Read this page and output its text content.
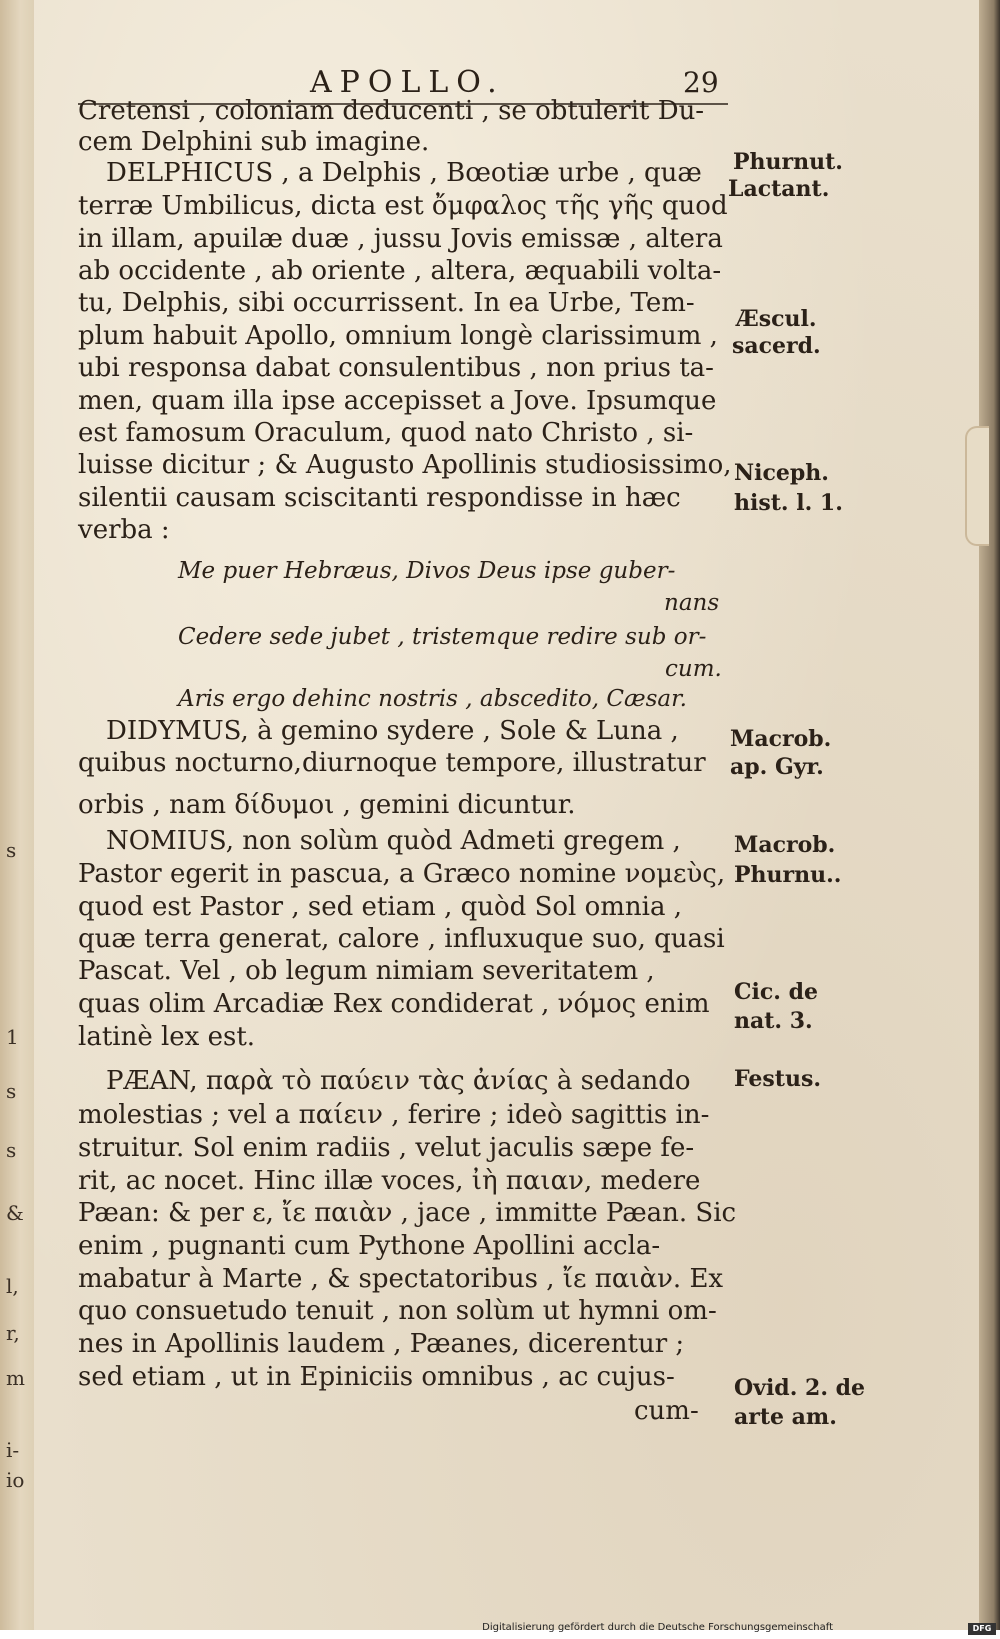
APOLLO.	29
Cretensi , coloniam deducenti , se obtulerit Du-
cem Delphini sub imagine.
DELPHICUS , a Delphis , Bœotiæ urbe , quæ
terræ Umbilicus, dicta est ὄμφαλος τῆς γῆς quod
in illam, apuilæ duæ , jussu Jovis emissæ , altera
ab occidente , ab oriente , altera, æquabili volta-
tu, Delphis, sibi occurrissent. In ea Urbe, Tem-
plum habuit Apollo, omnium longè clarissimum ,
ubi responsa dabat consulentibus , non prius ta-
men, quam illa ipse accepisset a Jove. Ipsumque
est famosum Oraculum, quod nato Christo , si-
luisse dicitur ; & Augusto Apollinis studiosissimo,
silentii causam sciscitanti respondisse in hæc
verba :
Me puer Hebræus, Divos Deus ipse guber-
nans
Cedere sede jubet , tristemque redire sub or-
cum.
Aris ergo dehinc nostris , abscedito, Cæsar.
DIDYMUS, à gemino sydere , Sole & Luna ,
quibus nocturno,diurnoque tempore, illustratur
orbis , nam δίδυμοι , gemini dicuntur.
NOMIUS, non solùm quòd Admeti gregem ,
Pastor egerit in pascua, a Græco nomine νομεὺς,
quod est Pastor , sed etiam , quòd Sol omnia ,
quæ terra generat, calore , influxuque suo, quasi
Pascat. Vel , ob legum nimiam severitatem ,
quas olim Arcadiæ Rex condiderat , νόμος enim
latinè lex est.
PÆAN, παρὰ τὸ παύειν τὰς ἀνίας à sedando
molestias ; vel a παίειν , ferire ; ideò sagittis in-
struitur. Sol enim radiis , velut jaculis sæpe fe-
rit, ac nocet. Hinc illæ voces, ἰὴ παιαν, medere
Pæan: & per ε, ἴε παιὰν , jace , immitte Pæan. Sic
enim , pugnanti cum Pythone Apollini accla-
mabatur à Marte , & spectatoribus , ἴε παιὰν. Ex
quo consuetudo tenuit , non solùm ut hymni om-
nes in Apollinis laudem , Pæanes, dicerentur ;
sed etiam , ut in Epiniciis omnibus , ac cujus-
cum-
Phurnut.
Lactant.
Æscul.
sacerd.
Niceph.
hist. l. 1.
Macrob.
ap. Gyr.
Macrob.
Phurnu..
Cic. de
nat. 3.
Festus.
Ovid. 2. de
arte am.
s
1
s
s
&
l,
r,
m
i-
io
Digitalisierung gefördert durch die Deutsche Forschungsgemeinschaft	DFG
